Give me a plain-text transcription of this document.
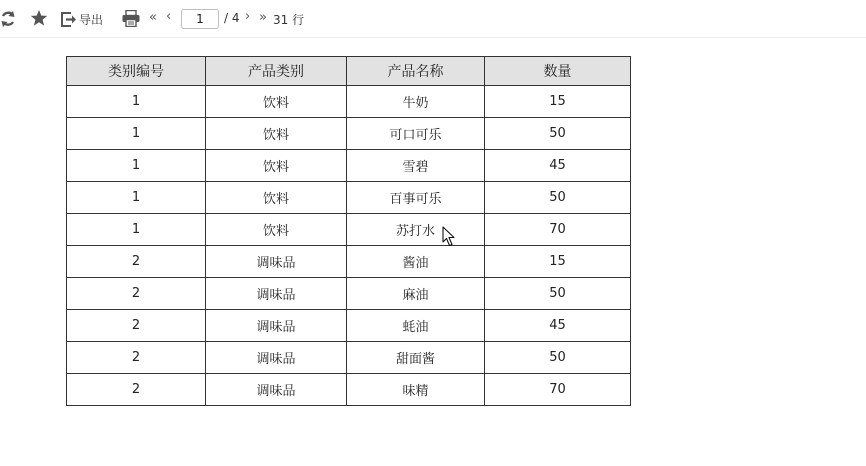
导出	« ‹
1	/ 4 › » 31 行
类别编号	产品类别	产品名称	数量
1	饮料	牛奶	15
1	饮料	可口可乐	50
1	饮料	雪碧	45
1	饮料	百事可乐	50
1	饮料	苏打水	70
2	调味品	酱油	15
2	调味品	麻油	50
2	调味品	蚝油	45
2	调味品	甜面酱	50
2	调味品	味精	70
